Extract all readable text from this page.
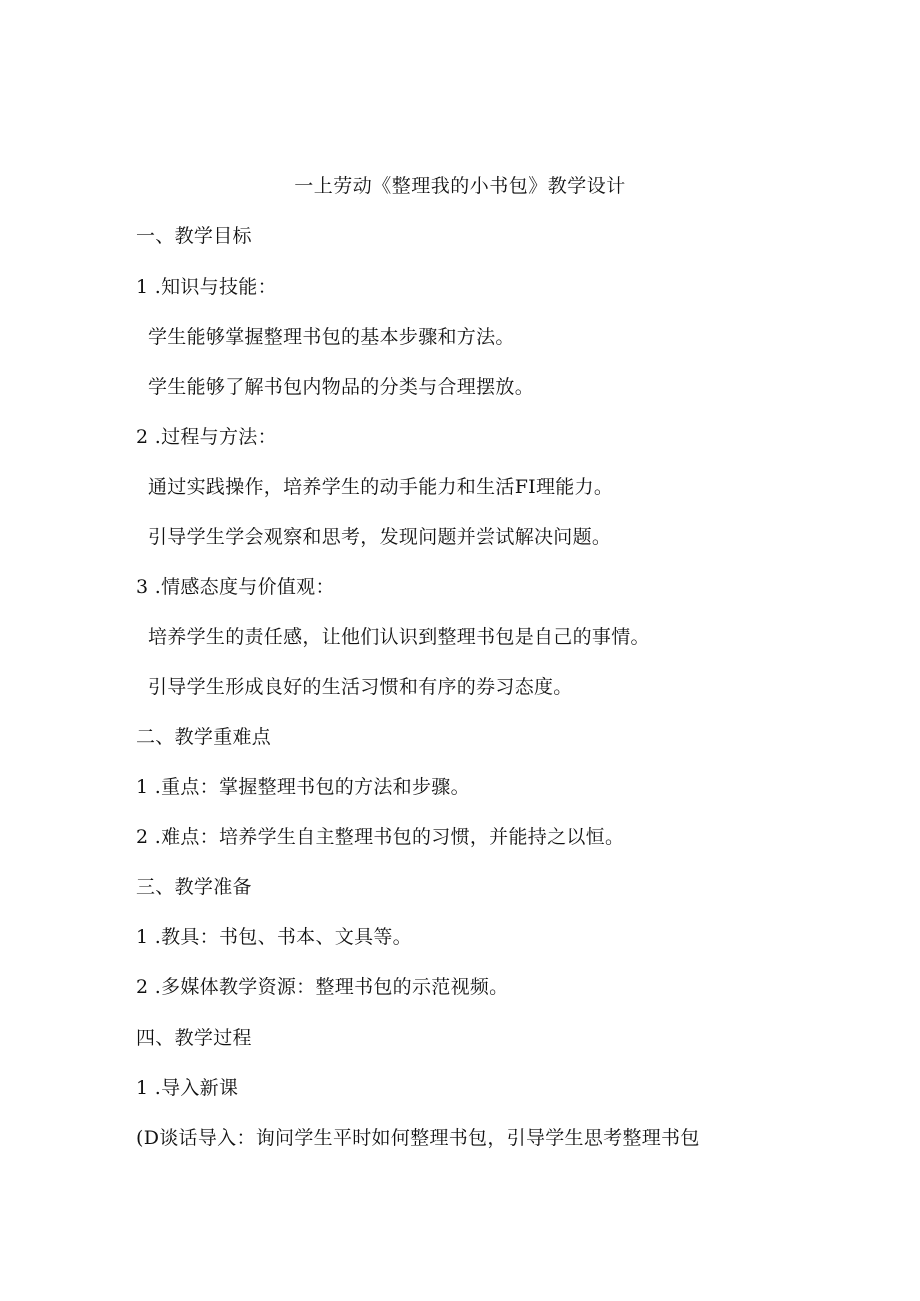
一上劳动《整理我的小书包》教学设计
一、教学目标
1 .知识与技能：
学生能够掌握整理书包的基本步骤和方法。
学生能够了解书包内物品的分类与合理摆放。
2 .过程与方法：
通过实践操作，培养学生的动手能力和生活FI理能力。
引导学生学会观察和思考，发现问题并尝试解决问题。
3 .情感态度与价值观：
培养学生的责任感，让他们认识到整理书包是自己的事情。
引导学生形成良好的生活习惯和有序的券习态度。
二、教学重难点
1 .重点：掌握整理书包的方法和步骤。
2 .难点：培养学生自主整理书包的习惯，并能持之以恒。
三、教学准备
1 .教具：书包、书本、文具等。
2 .多媒体教学资源：整理书包的示范视频。
四、教学过程
1 .导入新课
(D谈话导入：询问学生平时如何整理书包，引导学生思考整理书包
